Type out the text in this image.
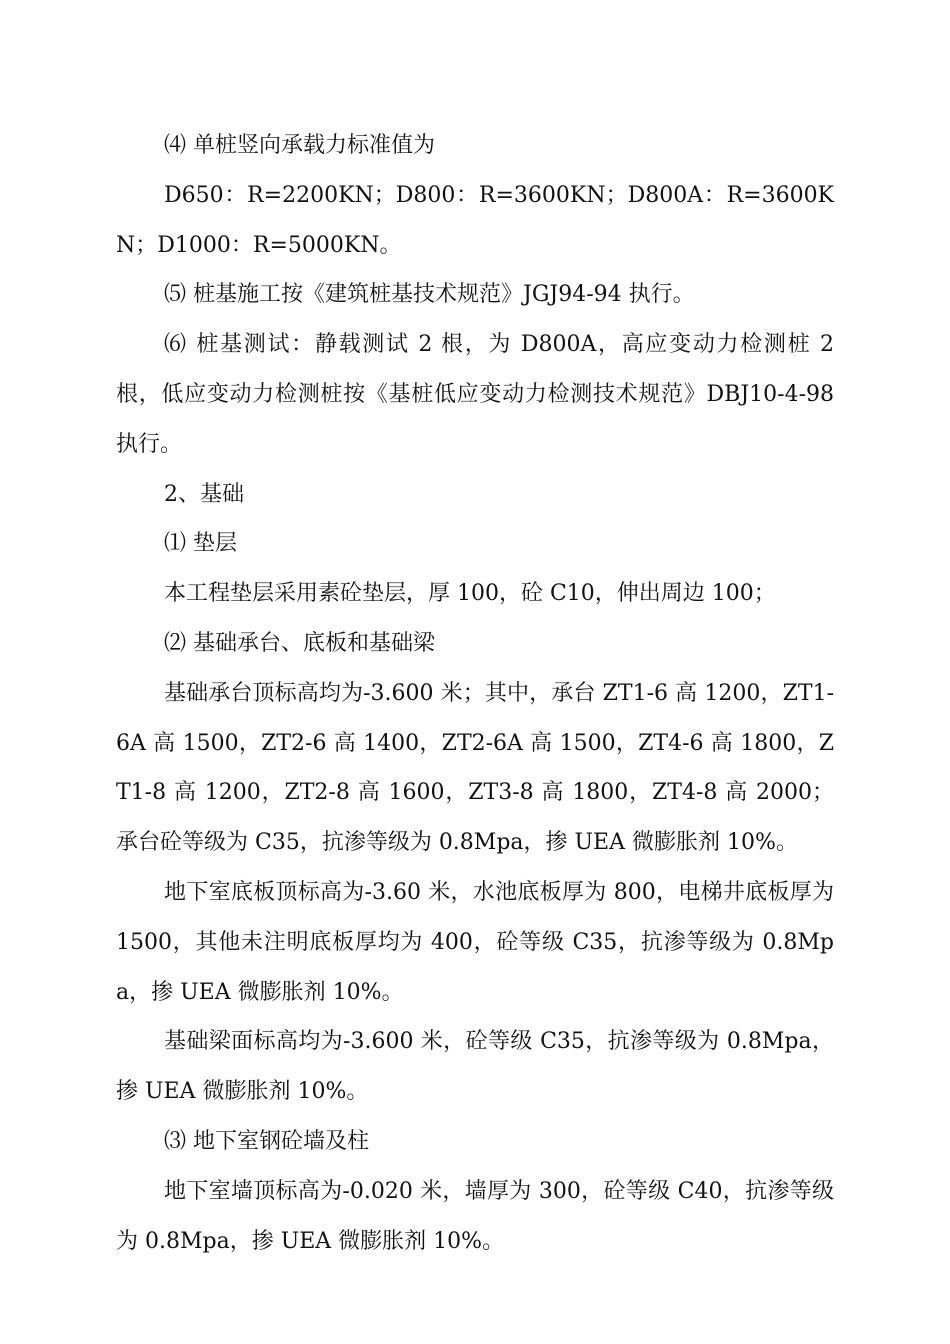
⑷ 单桩竖向承载力标准值为

D650：R=2200KN；D800：R=3600KN；D800A：R=3600KN；D1000：R=5000KN。

⑸ 桩基施工按《建筑桩基技术规范》JGJ94-94 执行。

⑹ 桩基测试：静载测试 2 根，为 D800A，高应变动力检测桩 2 根，低应变动力检测桩按《基桩低应变动力检测技术规范》DBJ10-4-98 执行。

2、基础

⑴ 垫层

本工程垫层采用素砼垫层，厚 100，砼 C10，伸出周边 100；

⑵ 基础承台、底板和基础梁

基础承台顶标高均为-3.600 米；其中，承台 ZT1-6 高 1200，ZT1-6A 高 1500，ZT2-6 高 1400，ZT2-6A 高 1500，ZT4-6 高 1800，ZT1-8 高 1200，ZT2-8 高 1600，ZT3-8 高 1800，ZT4-8 高 2000；承台砼等级为 C35，抗渗等级为 0.8Mpa，掺 UEA 微膨胀剂 10%。

地下室底板顶标高为-3.60 米，水池底板厚为 800，电梯井底板厚为 1500，其他未注明底板厚均为 400，砼等级 C35，抗渗等级为 0.8Mpa，掺 UEA 微膨胀剂 10%。

基础梁面标高均为-3.600 米，砼等级 C35，抗渗等级为 0.8Mpa，掺 UEA 微膨胀剂 10%。

⑶ 地下室钢砼墙及柱

地下室墙顶标高为-0.020 米，墙厚为 300，砼等级 C40，抗渗等级为 0.8Mpa，掺 UEA 微膨胀剂 10%。
